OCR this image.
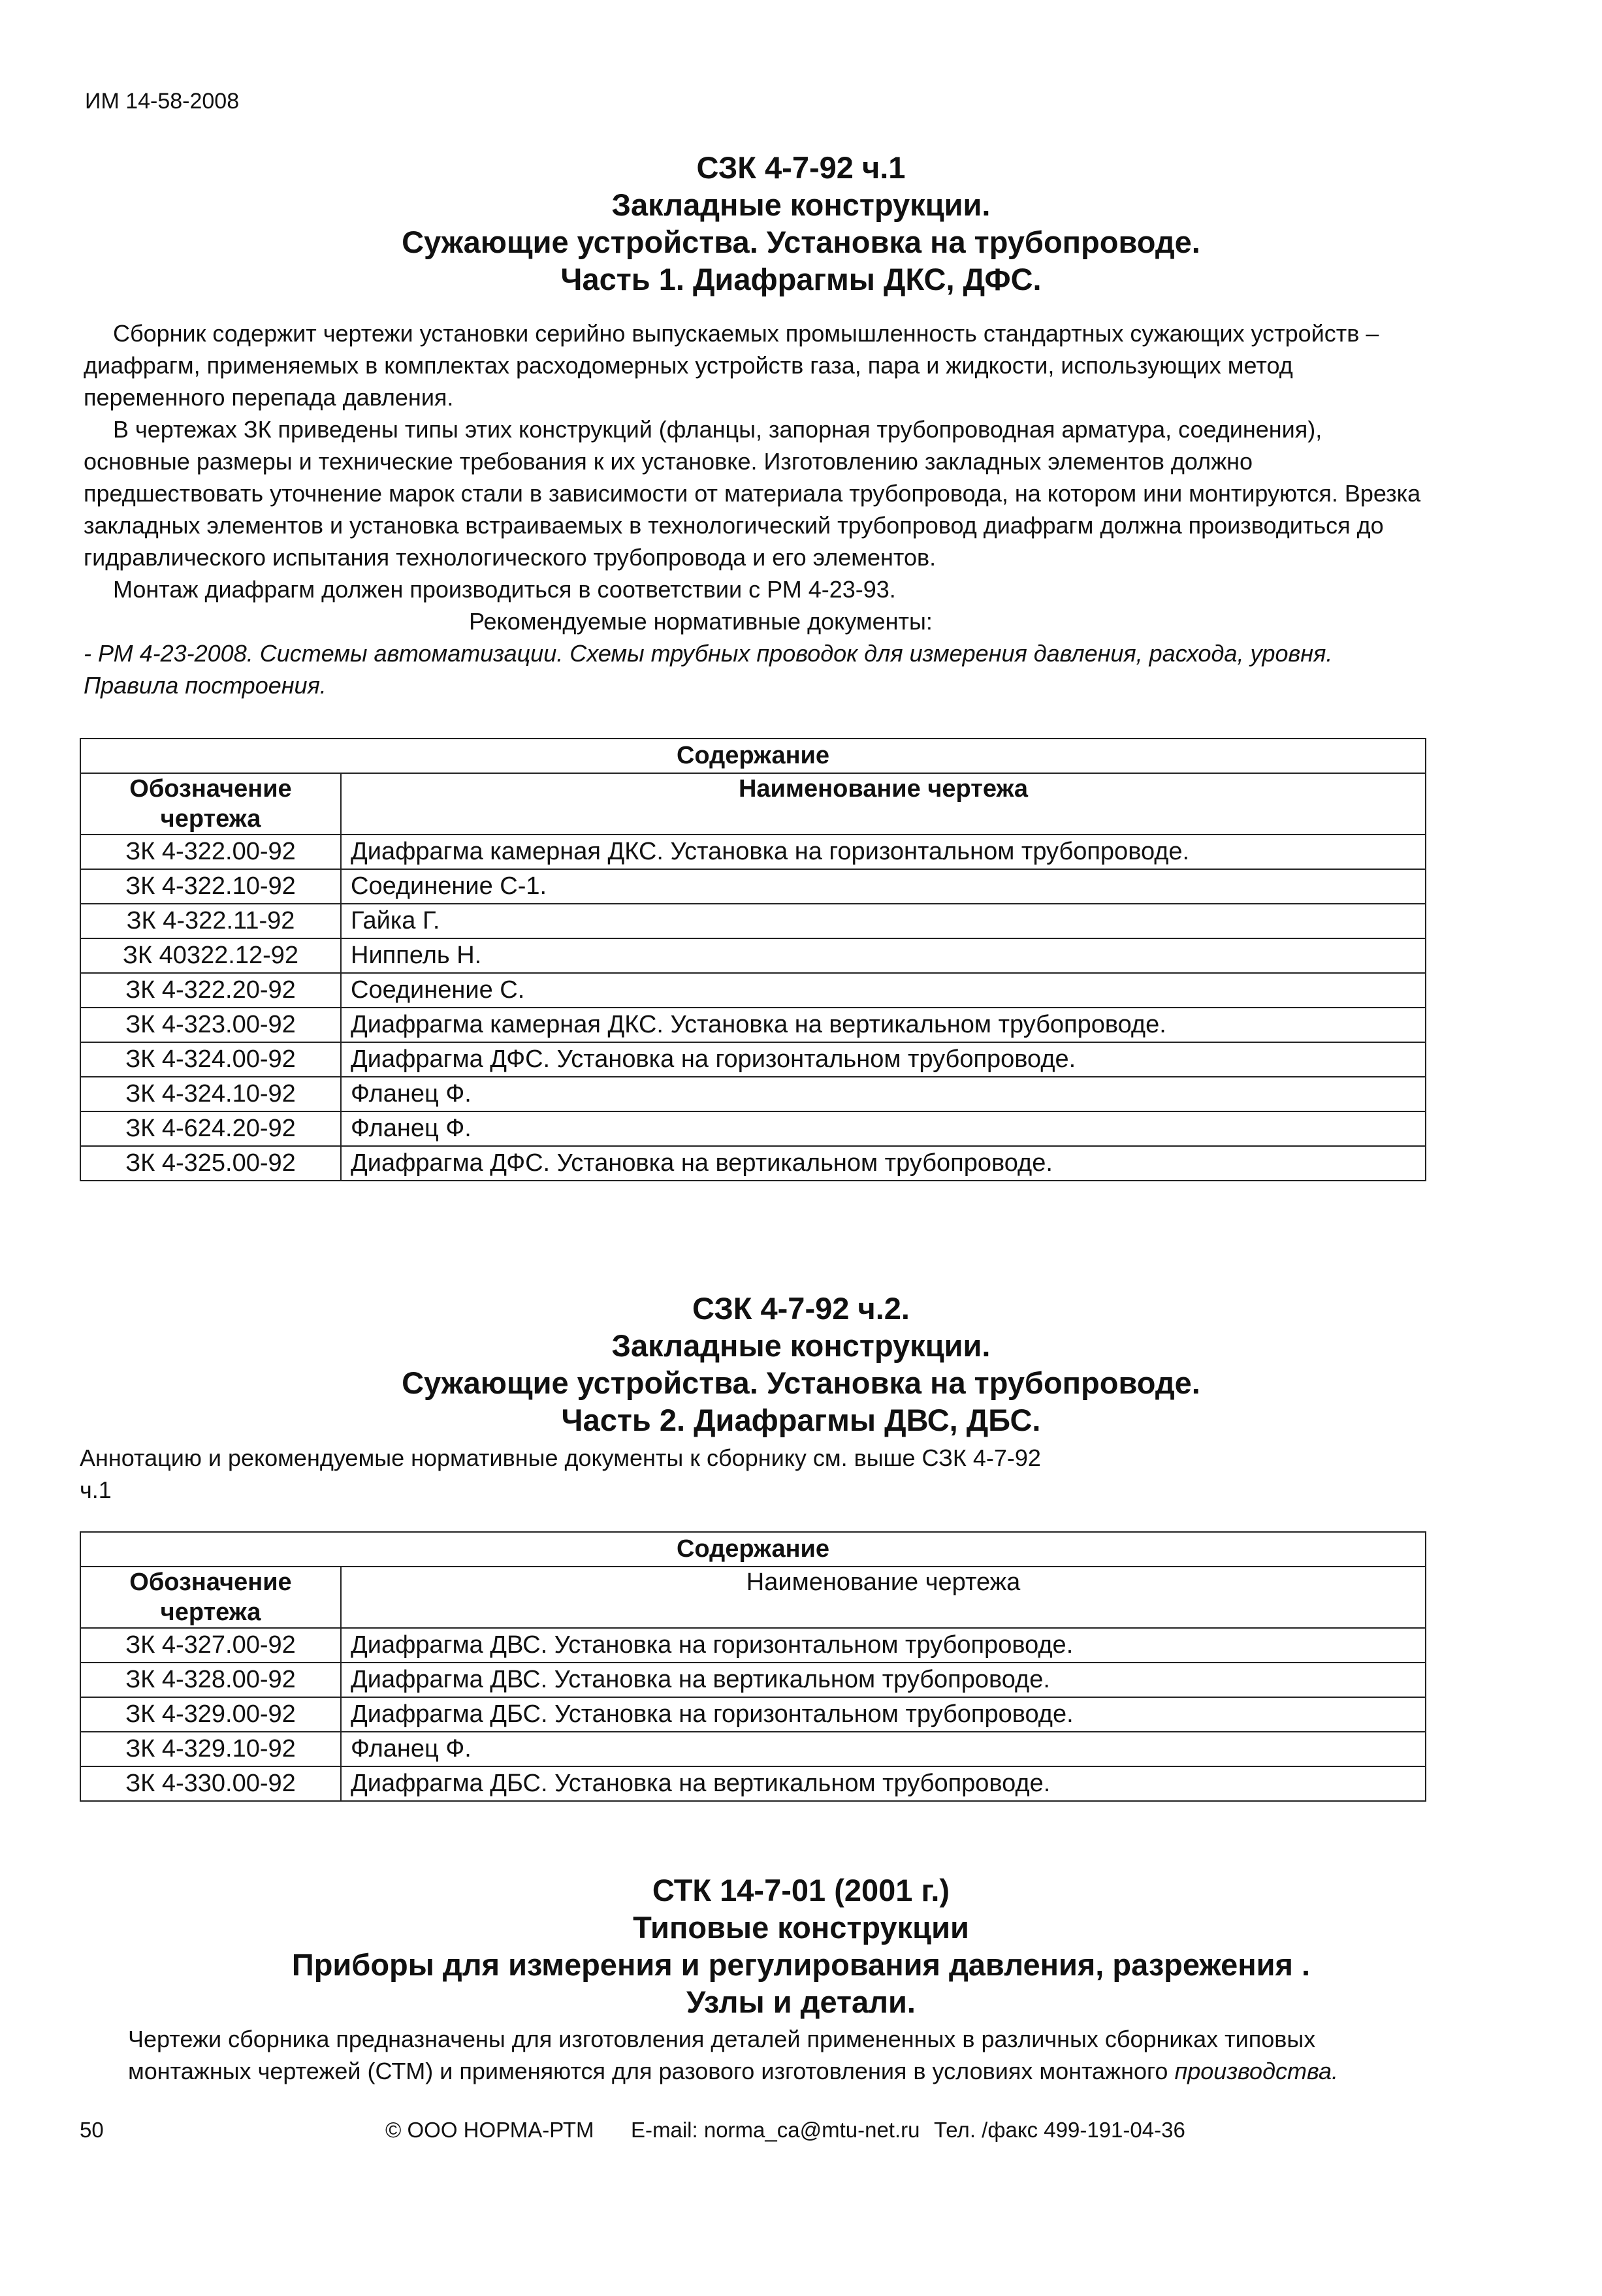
ИМ 14-58-2008
СЗК 4-7-92 ч.1
Закладные конструкции.
Сужающие устройства. Установка на трубопроводе.
Часть 1. Диафрагмы ДКС, ДФС.

Сборник содержит чертежи установки серийно выпускаемых промышленность стандартных сужающих устройств – диафрагм, применяемых в комплектах расходомерных устройств газа, пара и жидкости, использующих метод переменного перепада давления.

В чертежах ЗК приведены типы этих конструкций (фланцы, запорная трубопроводная арматура, соединения), основные размеры и технические требования к их установке. Изготовлению закладных элементов должно предшествовать уточнение марок стали в зависимости от материала трубопровода, на котором ини монтируются. Врезка закладных элементов и установка встраиваемых в технологический трубопровод диафрагм должна производиться до гидравлического испытания технологического трубопровода и его элементов.

Монтаж диафрагм должен производиться в соответствии с РМ 4-23-93.

Рекомендуемые нормативные документы:

- РМ 4-23-2008. Системы автоматизации. Схемы трубных проводок для измерения давления, расхода, уровня. Правила построения.

Содержание	
Обозначение чертежа	Наименование чертежа
ЗК 4-322.00-92	Диафрагма камерная ДКС. Установка на горизонтальном трубопроводе.
ЗК 4-322.10-92	Соединение С-1.
ЗК 4-322.11-92	Гайка Г.
ЗК 40322.12-92	Ниппель Н.
ЗК 4-322.20-92	Соединение С.
ЗК 4-323.00-92	Диафрагма камерная ДКС. Установка на вертикальном трубопроводе.
ЗК 4-324.00-92	Диафрагма ДФС. Установка на горизонтальном трубопроводе.
ЗК 4-324.10-92	Фланец Ф.
ЗК 4-624.20-92	Фланец Ф.
ЗК 4-325.00-92	Диафрагма ДФС. Установка на вертикальном трубопроводе.
СЗК 4-7-92 ч.2.
Закладные конструкции.
Сужающие устройства. Установка на трубопроводе.
Часть 2. Диафрагмы ДВС, ДБС.
Аннотацию и рекомендуемые нормативные документы к сборнику см. выше СЗК 4-7-92 ч.1
Содержание	
Обозначение чертежа	Наименование чертежа
ЗК 4-327.00-92	Диафрагма ДВС. Установка на горизонтальном трубопроводе.
ЗК 4-328.00-92	Диафрагма ДВС. Установка на вертикальном трубопроводе.
ЗК 4-329.00-92	Диафрагма ДБС. Установка на горизонтальном трубопроводе.
ЗК 4-329.10-92	Фланец Ф.
ЗК 4-330.00-92	Диафрагма ДБС. Установка на вертикальном трубопроводе.
СТК 14-7-01 (2001 г.)
Типовые конструкции
Приборы для измерения и регулирования давления, разрежения .
Узлы и детали.
Чертежи сборника предназначены для изготовления деталей примененных в различных сборниках типовых монтажных чертежей (СТМ) и применяются для разового изготовления в условиях монтажного производства.
50	© ООО НОРМА-РТМ E-mail: norma_ca@mtu-net.ru Тел. /факс 499-191-04-36
